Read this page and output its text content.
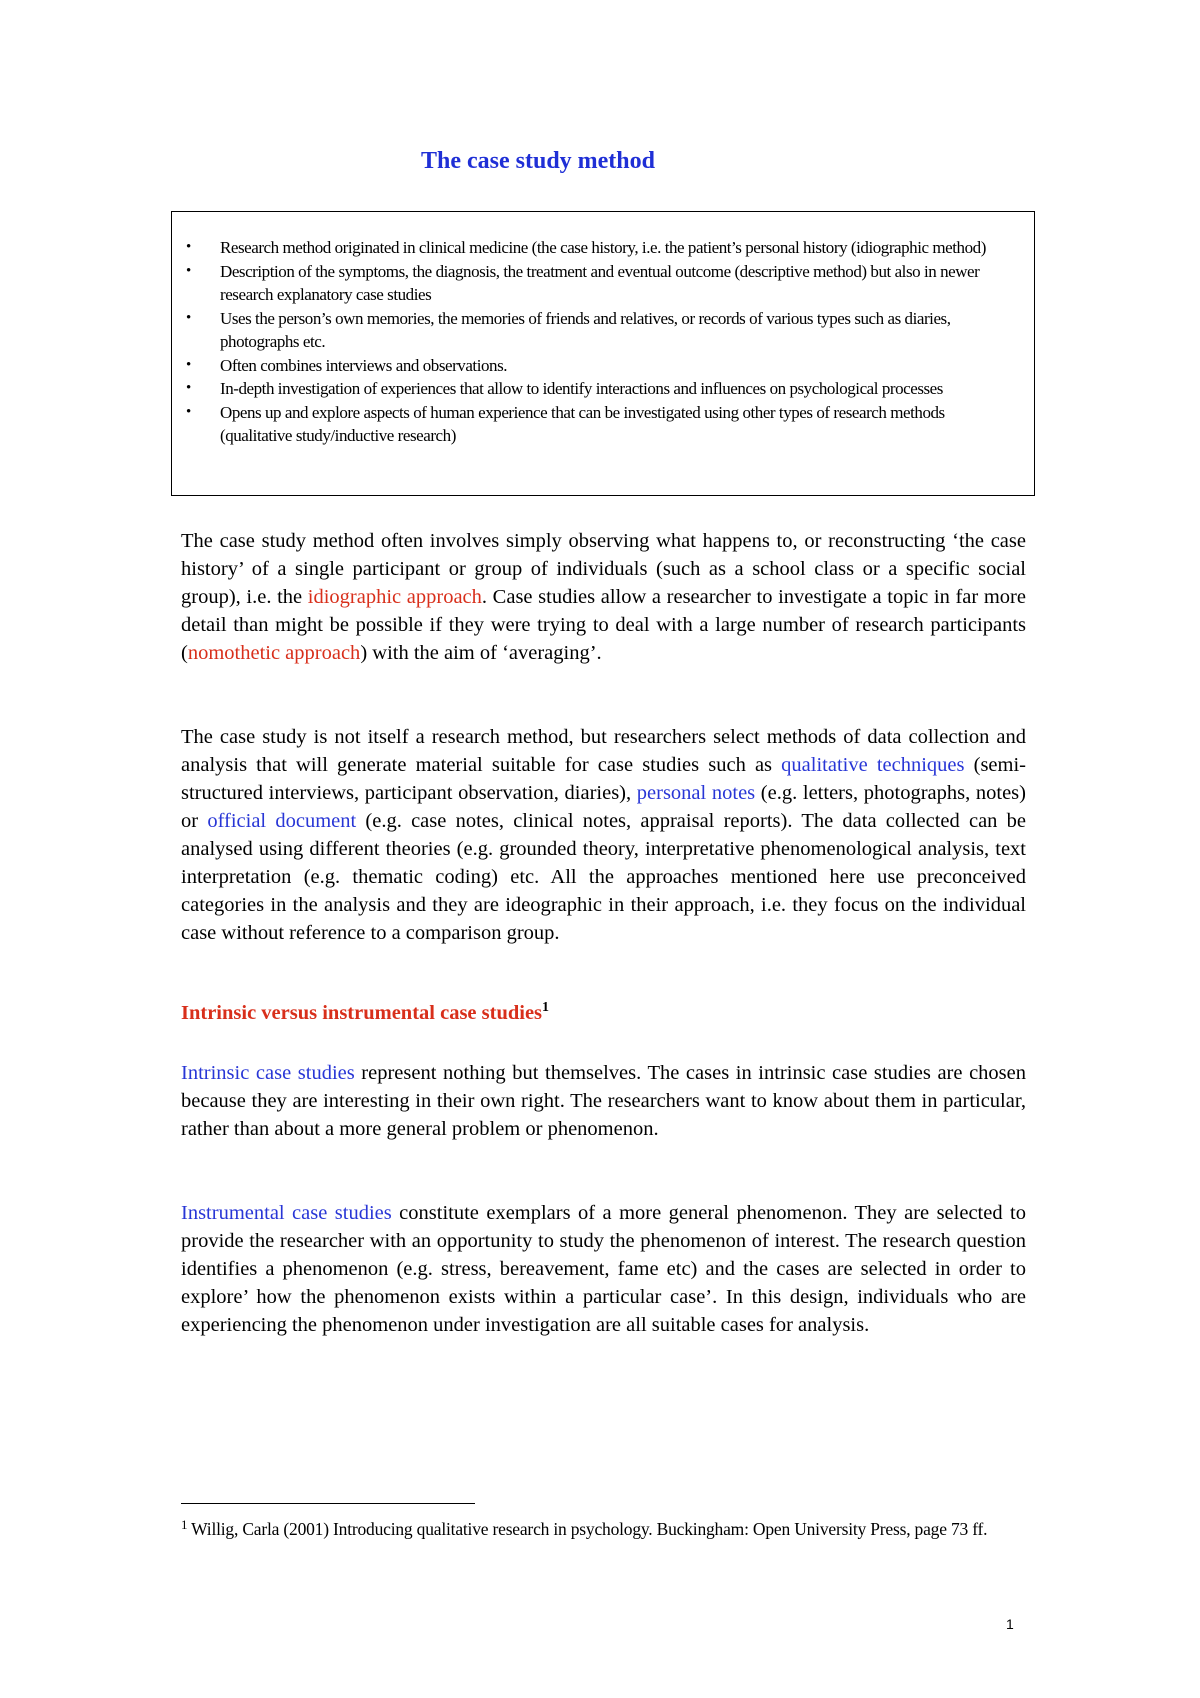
The case study method
• Research method originated in clinical medicine (the case history, i.e. the patient’s personal history (idiographic method)
• Description of the symptoms, the diagnosis, the treatment and eventual outcome (descriptive method) but also in newer research explanatory case studies
• Uses the person’s own memories, the memories of friends and relatives, or records of various types such as diaries, photographs etc.
• Often combines interviews and observations.
• In-depth investigation of experiences that allow to identify interactions and influences on psychological processes
• Opens up and explore aspects of human experience that can be investigated using other types of research methods (qualitative study/inductive research)

The case study method often involves simply observing what happens to, or reconstructing ‘the case history’ of a single participant or group of individuals (such as a school class or a specific social group), i.e. the idiographic approach. Case studies allow a researcher to investigate a topic in far more detail than might be possible if they were trying to deal with a large number of research participants (nomothetic approach) with the aim of ‘averaging’.

The case study is not itself a research method, but researchers select methods of data collection and analysis that will generate material suitable for case studies such as qualitative techniques (semi-structured interviews, participant observation, diaries), personal notes (e.g. letters, photographs, notes) or official document (e.g. case notes, clinical notes, appraisal reports). The data collected can be analysed using different theories (e.g. grounded theory, interpretative phenomenological analysis, text interpretation (e.g. thematic coding) etc. All the approaches mentioned here use preconceived categories in the analysis and they are ideographic in their approach, i.e. they focus on the individual case without reference to a comparison group.

Intrinsic versus instrumental case studies$^1$

Intrinsic case studies represent nothing but themselves. The cases in intrinsic case studies are chosen because they are interesting in their own right. The researchers want to know about them in particular, rather than about a more general problem or phenomenon.

Instrumental case studies constitute exemplars of a more general phenomenon. They are selected to provide the researcher with an opportunity to study the phenomenon of interest. The research question identifies a phenomenon (e.g. stress, bereavement, fame etc) and the cases are selected in order to explore’ how the phenomenon exists within a particular case’. In this design, individuals who are experiencing the phenomenon under investigation are all suitable cases for analysis.

$^1$ Willig, Carla (2001) Introducing qualitative research in psychology. Buckingham: Open University Press, page 73 ff.

1
